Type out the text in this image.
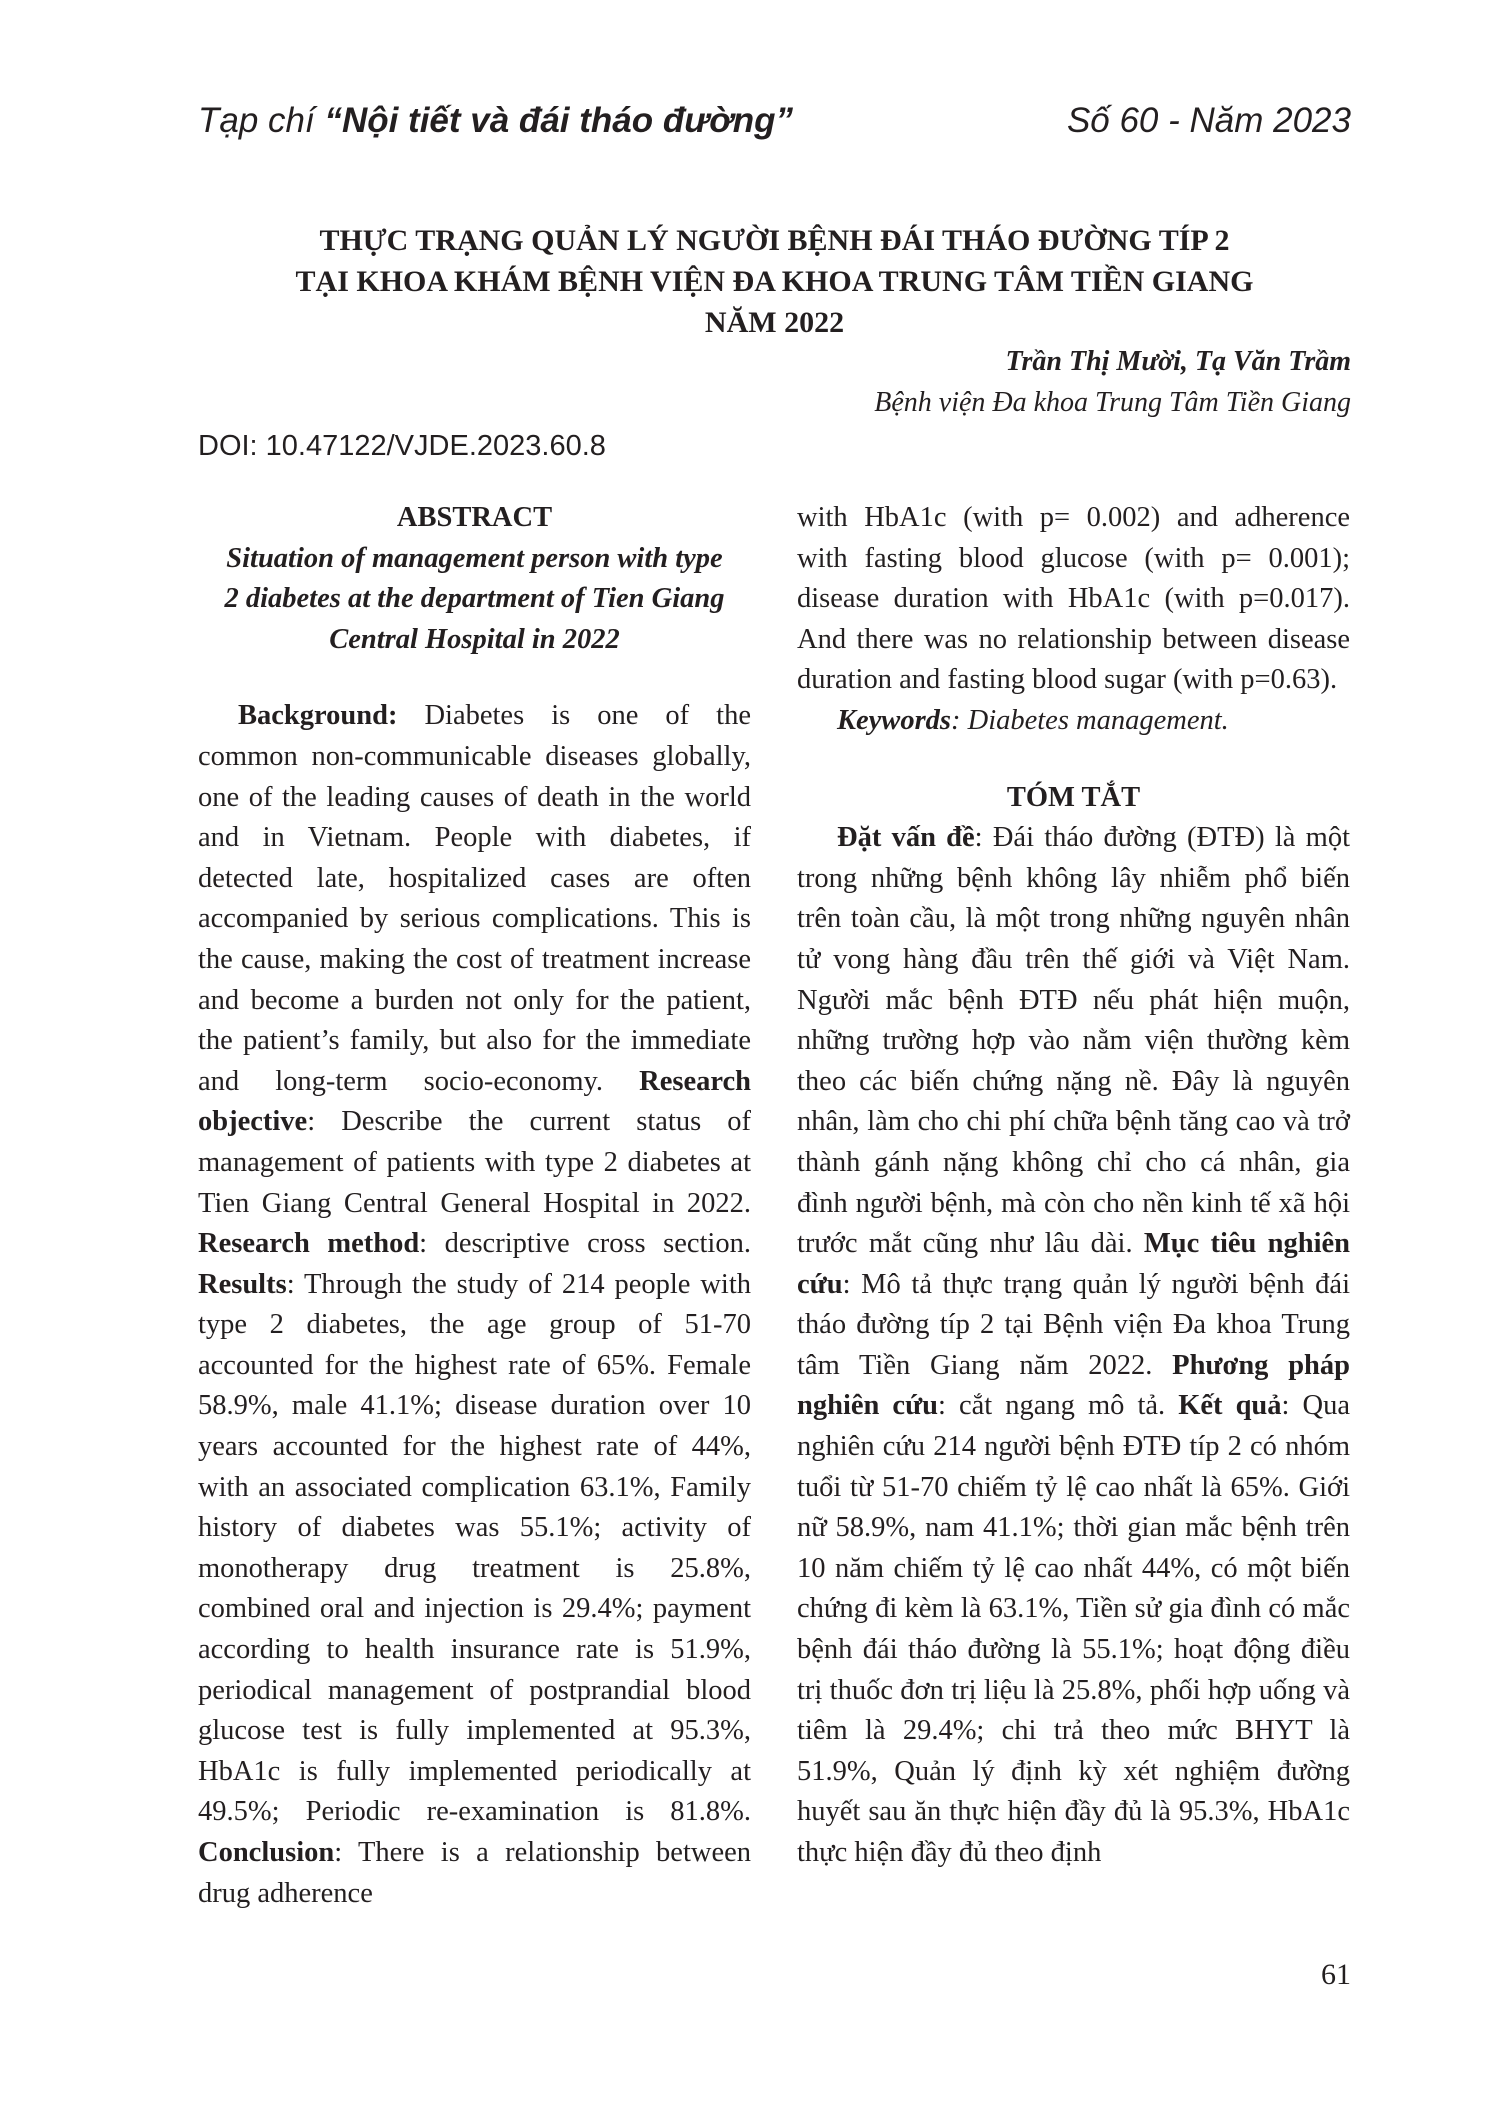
Tạp chí “Nội tiết và đái tháo đường”	Số 60 - Năm 2023
THỰC TRẠNG QUẢN LÝ NGƯỜI BỆNH ĐÁI THÁO ĐƯỜNG TÍP 2
TẠI KHOA KHÁM BỆNH VIỆN ĐA KHOA TRUNG TÂM TIỀN GIANG
NĂM 2022
Trần Thị Mười, Tạ Văn Trầm
Bệnh viện Đa khoa Trung Tâm Tiền Giang
DOI: 10.47122/VJDE.2023.60.8

ABSTRACT

Situation of management person with type

2 diabetes at the department of Tien Giang

Central Hospital in 2022

Background: Diabetes is one of the common non-communicable diseases globally, one of the leading causes of death in the world and in Vietnam. People with diabetes, if detected late, hospitalized cases are often accompanied by serious complications. This is the cause, making the cost of treatment increase and become a burden not only for the patient, the patient’s family, but also for the immediate and long-term socio-economy. Research objective: Describe the current status of management of patients with type 2 diabetes at Tien Giang Central General Hospital in 2022. Research method: descriptive cross section. Results: Through the study of 214 people with type 2 diabetes, the age group of 51-70 accounted for the highest rate of 65%. Female 58.9%, male 41.1%; disease duration over 10 years accounted for the highest rate of 44%, with an associated complication 63.1%, Family history of diabetes was 55.1%; activity of monotherapy drug treatment is 25.8%, combined oral and injection is 29.4%; payment according to health insurance rate is 51.9%, periodical management of postprandial blood glucose test is fully implemented at 95.3%, HbA1c is fully implemented periodically at 49.5%; Periodic re-examination is 81.8%. Conclusion: There is a relationship between drug adherence

with HbA1c (with p= 0.002) and adherence with fasting blood glucose (with p= 0.001); disease duration with HbA1c (with p=0.017). And there was no relationship between disease duration and fasting blood sugar (with p=0.63).

Keywords: Diabetes management.

TÓM TẮT

Đặt vấn đề: Đái tháo đường (ĐTĐ) là một trong những bệnh không lây nhiễm phổ biến trên toàn cầu, là một trong những nguyên nhân tử vong hàng đầu trên thế giới và Việt Nam. Người mắc bệnh ĐTĐ nếu phát hiện muộn, những trường hợp vào nằm viện thường kèm theo các biến chứng nặng nề. Đây là nguyên nhân, làm cho chi phí chữa bệnh tăng cao và trở thành gánh nặng không chỉ cho cá nhân, gia đình người bệnh, mà còn cho nền kinh tế xã hội trước mắt cũng như lâu dài. Mục tiêu nghiên cứu: Mô tả thực trạng quản lý người bệnh đái tháo đường típ 2 tại Bệnh viện Đa khoa Trung tâm Tiền Giang năm 2022. Phương pháp nghiên cứu: cắt ngang mô tả. Kết quả: Qua nghiên cứu 214 người bệnh ĐTĐ típ 2 có nhóm tuổi từ 51-70 chiếm tỷ lệ cao nhất là 65%. Giới nữ 58.9%, nam 41.1%; thời gian mắc bệnh trên 10 năm chiếm tỷ lệ cao nhất 44%, có một biến chứng đi kèm là 63.1%, Tiền sử gia đình có mắc bệnh đái tháo đường là 55.1%; hoạt động điều trị thuốc đơn trị liệu là 25.8%, phối hợp uống và tiêm là 29.4%; chi trả theo mức BHYT là 51.9%, Quản lý định kỳ xét nghiệm đường huyết sau ăn thực hiện đầy đủ là 95.3%, HbA1c thực hiện đầy đủ theo định

61
